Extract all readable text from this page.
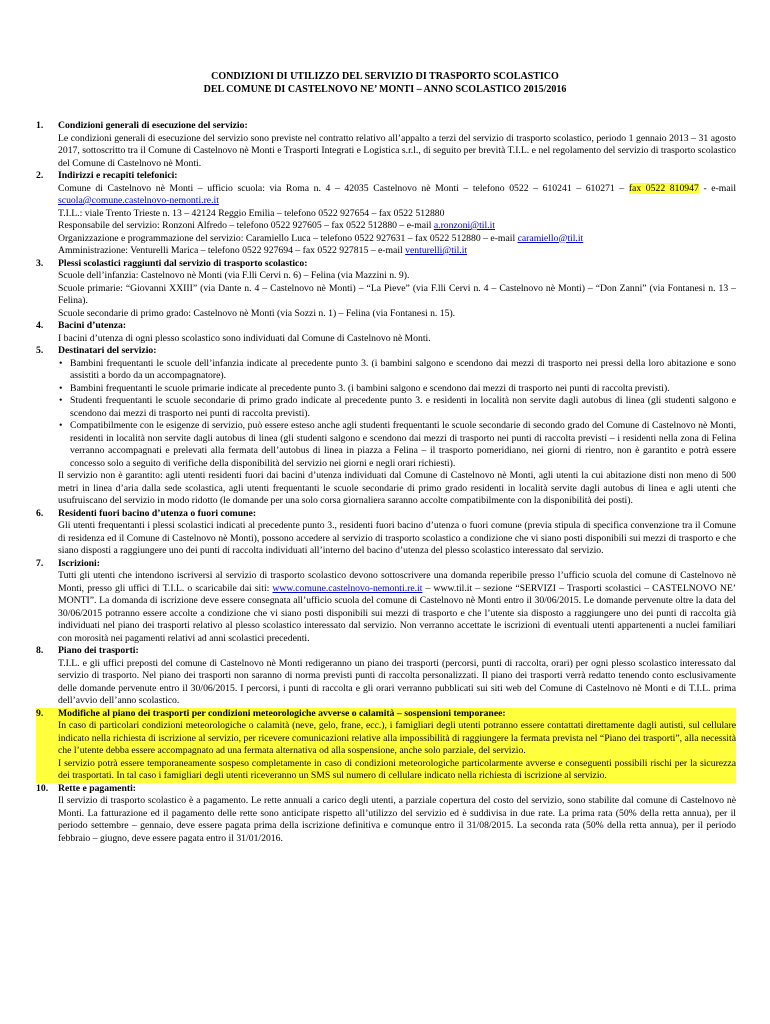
CONDIZIONI DI UTILIZZO DEL SERVIZIO DI TRASPORTO SCOLASTICO
DEL COMUNE DI CASTELNOVO NE’ MONTI – ANNO SCOLASTICO 2015/2016
1.	Condizioni generali di esecuzione del servizio:

Le condizioni generali di esecuzione del servizio sono previste nel contratto relativo all’appalto a terzi del servizio di trasporto scolastico, periodo 1 gennaio 2013 – 31 agosto 2017, sottoscritto tra il Comune di Castelnovo nè Monti e Trasporti Integrati e Logistica s.r.l., di seguito per brevità T.I.L. e nel regolamento del servizio di trasporto scolastico del Comune di Castelnovo nè Monti.

2.	Indirizzi e recapiti telefonici:

Comune di Castelnovo nè Monti – ufficio scuola: via Roma n. 4 – 42035 Castelnovo nè Monti – telefono 0522 – 610241 – 610271 – fax 0522 810947 - e-mail scuola@comune.castelnovo-nemonti.re.it

T.I.L.: viale Trento Trieste n. 13 – 42124 Reggio Emilia – telefono 0522 927654 – fax 0522 512880

Responsabile del servizio: Ronzoni Alfredo – telefono 0522 927605 – fax 0522 512880 – e-mail a.ronzoni@til.it

Organizzazione e programmazione del servizio: Caramiello Luca – telefono 0522 927631 – fax 0522 512880 – e-mail caramiello@til.it

Amministrazione: Venturelli Marica – telefono 0522 927694 – fax 0522 927815 – e-mail venturelli@til.it

3.	Plessi scolastici raggiunti dal servizio di trasporto scolastico:

Scuole dell’infanzia: Castelnovo nè Monti (via F.lli Cervi n. 6) – Felina (via Mazzini n. 9).

Scuole primarie: “Giovanni XXIII” (via Dante n. 4 – Castelnovo nè Monti) – “La Pieve” (via F.lli Cervi n. 4 – Castelnovo nè Monti) – “Don Zanni” (via Fontanesi n. 13 – Felina).

Scuole secondarie di primo grado: Castelnovo nè Monti (via Sozzi n. 1) – Felina (via Fontanesi n. 15).

4.	Bacini d’utenza:

I bacini d’utenza di ogni plesso scolastico sono individuati dal Comune di Castelnovo nè Monti.

5.	Destinatari del servizio:
• Bambini frequentanti le scuole dell’infanzia indicate al precedente punto 3. (i bambini salgono e scendono dai mezzi di trasporto nei pressi della loro abitazione e sono assistiti a bordo da un accompagnatore).
• Bambini frequentanti le scuole primarie indicate al precedente punto 3. (i bambini salgono e scendono dai mezzi di trasporto nei punti di raccolta previsti).
• Studenti frequentanti le scuole secondarie di primo grado indicate al precedente punto 3. e residenti in località non servite dagli autobus di linea (gli studenti salgono e scendono dai mezzi di trasporto nei punti di raccolta previsti).
• Compatibilmente con le esigenze di servizio, può essere esteso anche agli studenti frequentanti le scuole secondarie di secondo grado del Comune di Castelnovo nè Monti, residenti in località non servite dagli autobus di linea (gli studenti salgono e scendono dai mezzi di trasporto nei punti di raccolta previsti – i residenti nella zona di Felina verranno accompagnati e prelevati alla fermata dell’autobus di linea in piazza a Felina – il trasporto pomeridiano, nei giorni di rientro, non è garantito e potrà essere concesso solo a seguito di verifiche della disponibilità del servizio nei giorni e negli orari richiesti).

Il servizio non è garantito: agli utenti residenti fuori dai bacini d’utenza individuati dal Comune di Castelnovo nè Monti, agli utenti la cui abitazione disti non meno di 500 metri in linea d’aria dalla sede scolastica, agli utenti frequentanti le scuole secondarie di primo grado residenti in località servite dagli autobus di linea e agli utenti che usufruiscano del servizio in modo ridotto (le domande per una solo corsa giornaliera saranno accolte compatibilmente con la disponibilità dei posti).

6.	Residenti fuori bacino d’utenza o fuori comune:

Gli utenti frequentanti i plessi scolastici indicati al precedente punto 3., residenti fuori bacino d’utenza o fuori comune (previa stipula di specifica convenzione tra il Comune di residenza ed il Comune di Castelnovo nè Monti), possono accedere al servizio di trasporto scolastico a condizione che vi siano posti disponibili sui mezzi di trasporto e che siano disposti a raggiungere uno dei punti di raccolta individuati all’interno del bacino d’utenza del plesso scolastico interessato dal servizio.

7.	Iscrizioni:

Tutti gli utenti che intendono iscriversi al servizio di trasporto scolastico devono sottoscrivere una domanda reperibile presso l’ufficio scuola del comune di Castelnovo nè Monti, presso gli uffici di T.I.L. o scaricabile dai siti: www.comune.castelnovo-nemonti.re.it – www.til.it – sezione “SERVIZI – Trasporti scolastici – CASTELNOVO NE’ MONTI”. La domanda di iscrizione deve essere consegnata all’ufficio scuola del comune di Castelnovo nè Monti entro il 30/06/2015. Le domande pervenute oltre la data del 30/06/2015 potranno essere accolte a condizione che vi siano posti disponibili sui mezzi di trasporto e che l’utente sia disposto a raggiungere uno dei punti di raccolta già individuati nel piano dei trasporti relativo al plesso scolastico interessato dal servizio. Non verranno accettate le iscrizioni di eventuali utenti appartenenti a nuclei familiari con morosità nei pagamenti relativi ad anni scolastici precedenti.

8.	Piano dei trasporti:

T.I.L. e gli uffici preposti del comune di Castelnovo nè Monti redigeranno un piano dei trasporti (percorsi, punti di raccolta, orari) per ogni plesso scolastico interessato dal servizio di trasporto. Nel piano dei trasporti non saranno di norma previsti punti di raccolta personalizzati. Il piano dei trasporti verrà redatto tenendo conto esclusivamente delle domande pervenute entro il 30/06/2015. I percorsi, i punti di raccolta e gli orari verranno pubblicati sui siti web del Comune di Castelnovo nè Monti e di T.I.L. prima dell’avvio dell’anno scolastico.

9.	Modifiche al piano dei trasporti per condizioni meteorologiche avverse o calamità – sospensioni temporanee:

In caso di particolari condizioni meteorologiche o calamità (neve, gelo, frane, ecc.), i famigliari degli utenti potranno essere contattati direttamente dagli autisti, sul cellulare indicato nella richiesta di iscrizione al servizio, per ricevere comunicazioni relative alla impossibilità di raggiungere la fermata prevista nel “Piano dei trasporti”, alla necessità che l’utente debba essere accompagnato ad una fermata alternativa od alla sospensione, anche solo parziale, del servizio.

I servizio potrà essere temporaneamente sospeso completamente in caso di condizioni meteorologiche particolarmente avverse e conseguenti possibili rischi per la sicurezza dei trasportati. In tal caso i famigliari degli utenti riceveranno un SMS sul numero di cellulare indicato nella richiesta di iscrizione al servizio.

10.	Rette e pagamenti:

Il servizio di trasporto scolastico è a pagamento. Le rette annuali a carico degli utenti, a parziale copertura del costo del servizio, sono stabilite dal comune di Castelnovo nè Monti. La fatturazione ed il pagamento delle rette sono anticipate rispetto all’utilizzo del servizio ed è suddivisa in due rate. La prima rata (50% della retta annua), per il periodo settembre – gennaio, deve essere pagata prima della iscrizione definitiva e comunque entro il 31/08/2015. La seconda rata (50% della retta annua), per il periodo febbraio – giugno, deve essere pagata entro il 31/01/2016.
